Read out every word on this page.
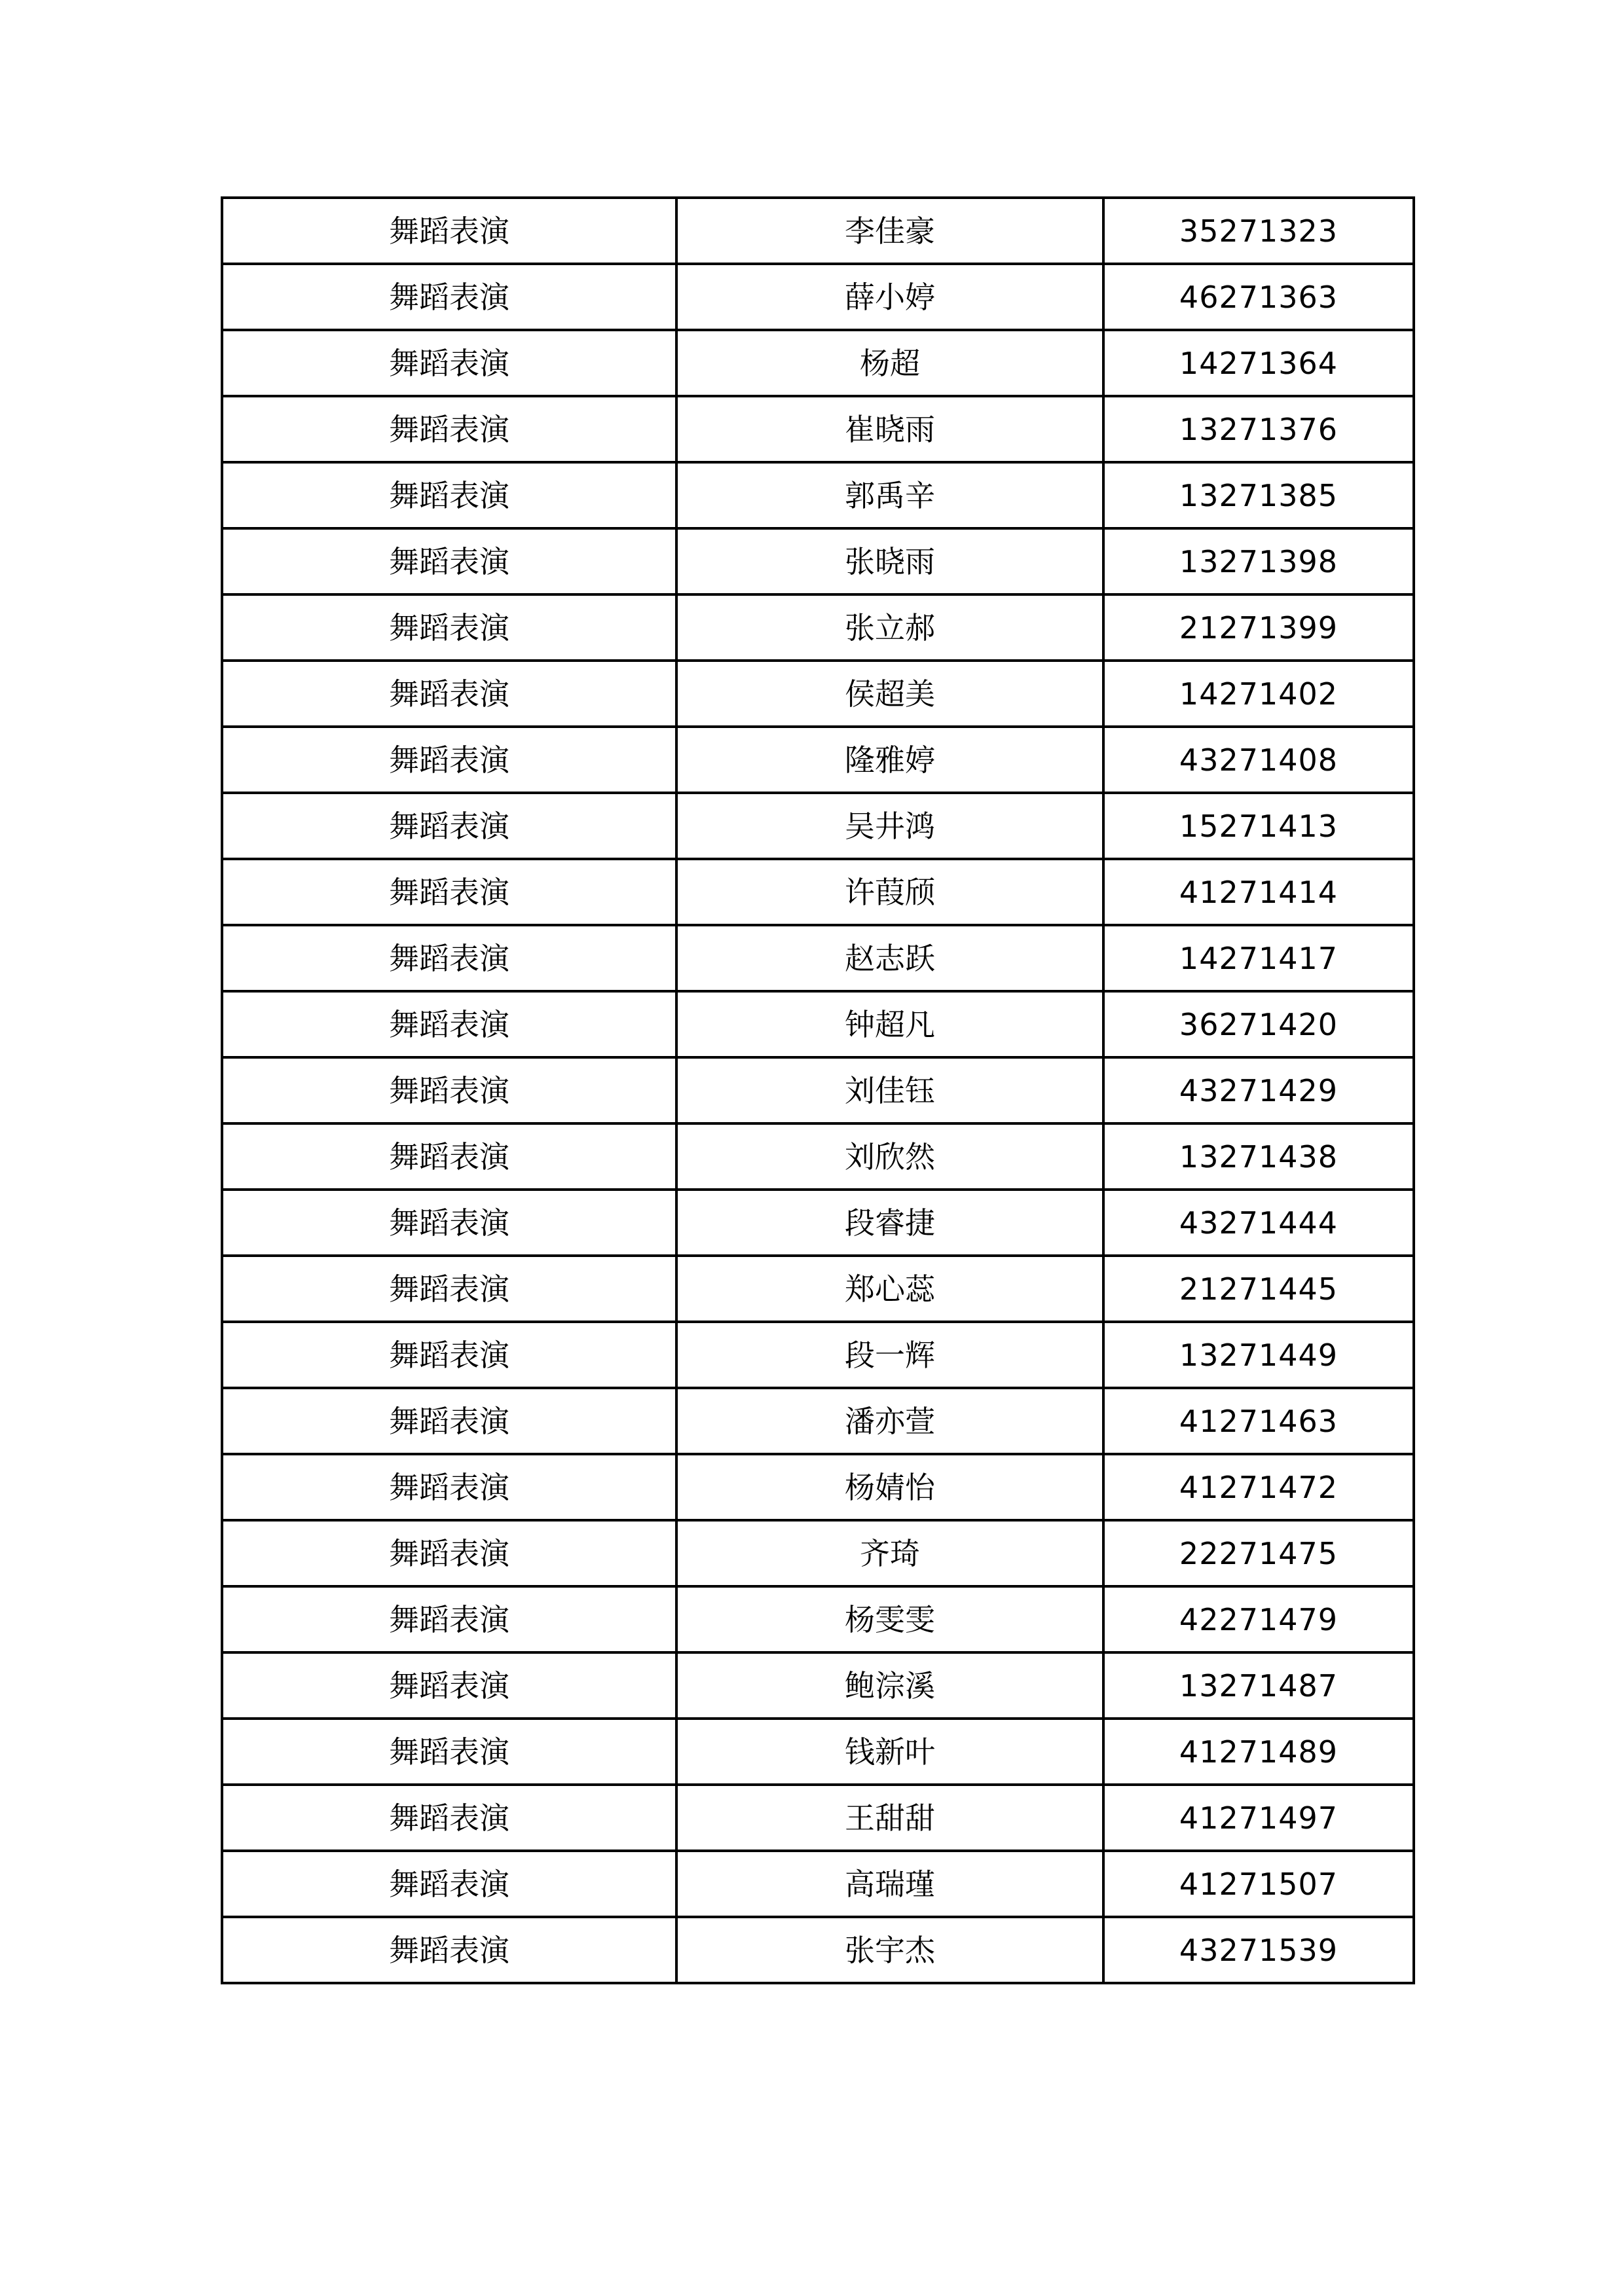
舞蹈表演	李佳豪	35271323
舞蹈表演	薛小婷	46271363
舞蹈表演	杨超	14271364
舞蹈表演	崔晓雨	13271376
舞蹈表演	郭禹辛	13271385
舞蹈表演	张晓雨	13271398
舞蹈表演	张立郝	21271399
舞蹈表演	侯超美	14271402
舞蹈表演	隆雅婷	43271408
舞蹈表演	吴井鸿	15271413
舞蹈表演	许葭颀	41271414
舞蹈表演	赵志跃	14271417
舞蹈表演	钟超凡	36271420
舞蹈表演	刘佳钰	43271429
舞蹈表演	刘欣然	13271438
舞蹈表演	段睿捷	43271444
舞蹈表演	郑心蕊	21271445
舞蹈表演	段一辉	13271449
舞蹈表演	潘亦萱	41271463
舞蹈表演	杨婧怡	41271472
舞蹈表演	齐琦	22271475
舞蹈表演	杨雯雯	42271479
舞蹈表演	鲍淙溪	13271487
舞蹈表演	钱新叶	41271489
舞蹈表演	王甜甜	41271497
舞蹈表演	高瑞瑾	41271507
舞蹈表演	张宇杰	43271539
